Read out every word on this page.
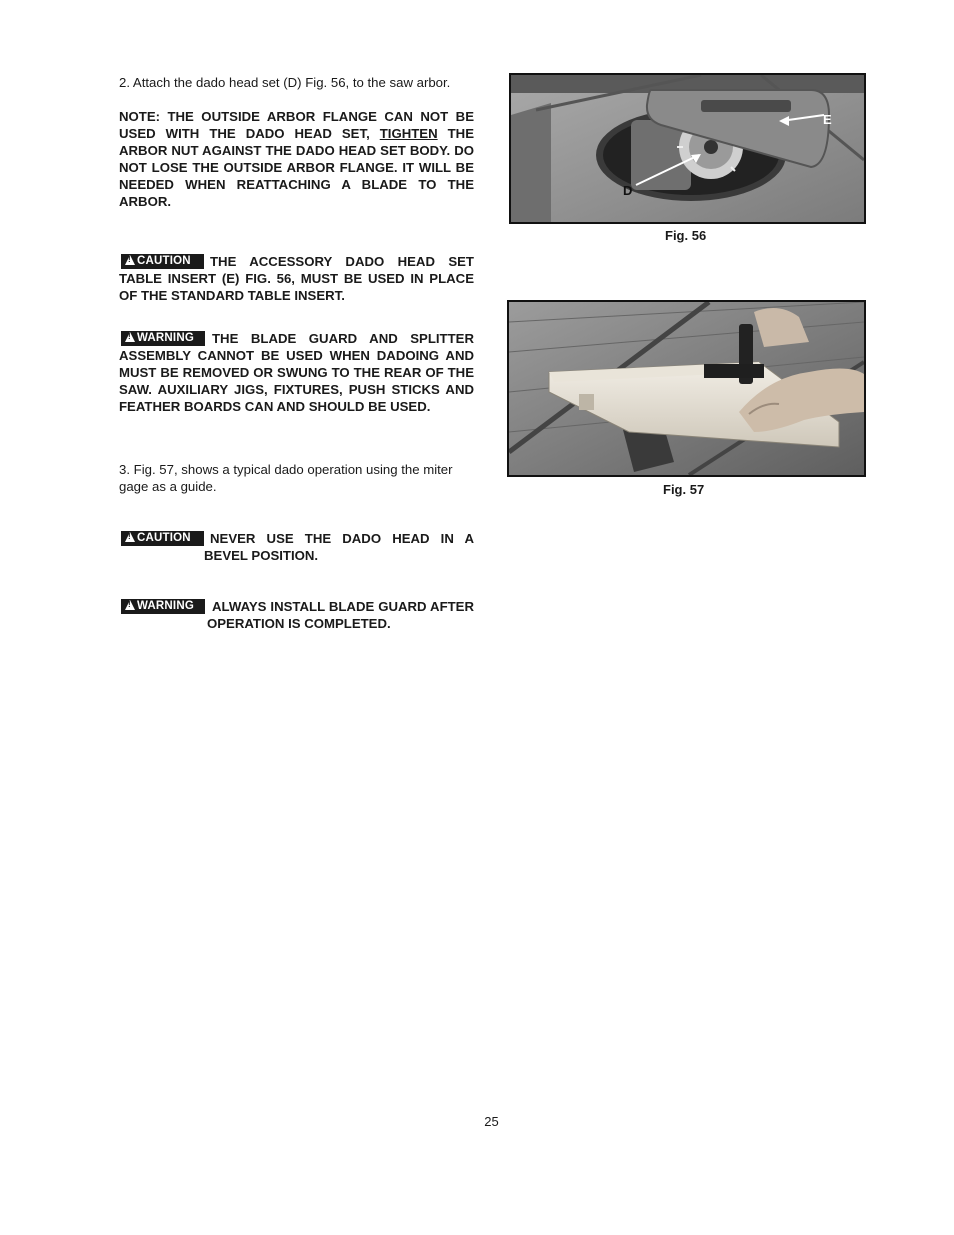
2. Attach the dado head set (D) Fig. 56, to the saw arbor.

NOTE: THE OUTSIDE ARBOR FLANGE CAN NOT BE USED WITH THE DADO HEAD SET, TIGHTEN THE ARBOR NUT AGAINST THE DADO HEAD SET BODY. DO NOT LOSE THE OUTSIDE ARBOR FLANGE. IT WILL BE NEEDED WHEN REATTACHING A BLADE TO THE ARBOR.

!CAUTION	THE ACCESSORY DADO HEAD SET TABLE INSERT (E) FIG. 56, MUST BE USED IN PLACE OF THE STANDARD TABLE INSERT.
!WARNING	THE BLADE GUARD AND SPLITTER ASSEMBLY CANNOT BE USED WHEN DADOING AND MUST BE REMOVED OR SWUNG TO THE REAR OF THE SAW. AUXILIARY JIGS, FIXTURES, PUSH STICKS AND FEATHER BOARDS CAN AND SHOULD BE USED.

3. Fig. 57, shows a typical dado operation using the miter gage as a guide.

!CAUTION	NEVER USE THE DADO HEAD IN A BEVEL POSITION.
!WARNING	ALWAYS INSTALL BLADE GUARD AFTER OPERATION IS COMPLETED.
E
D
Fig. 56
Fig. 57
25
